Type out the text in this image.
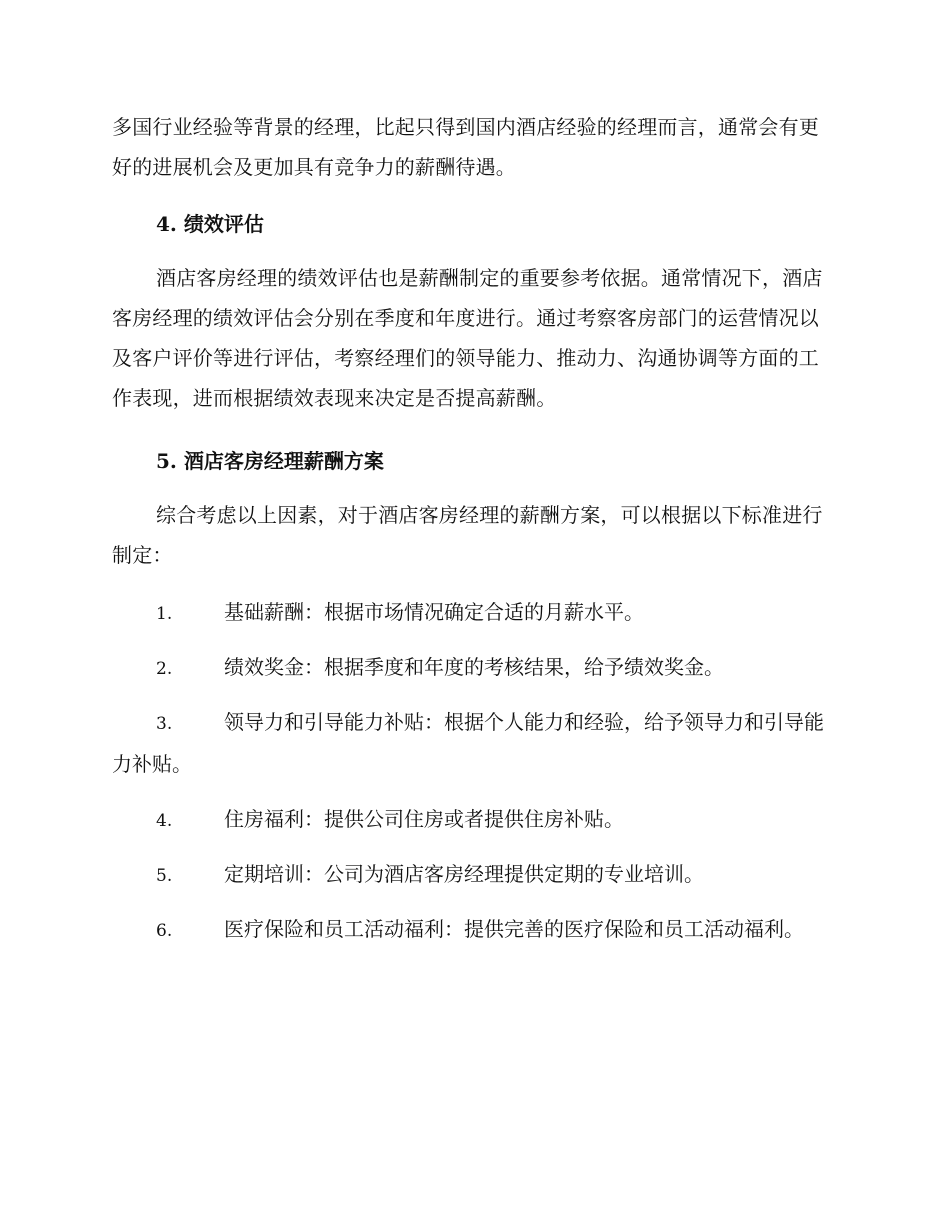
多国行业经验等背景的经理，比起只得到国内酒店经验的经理而言，通常会有更好的进展机会及更加具有竞争力的薪酬待遇。

4. 绩效评估

酒店客房经理的绩效评估也是薪酬制定的重要参考依据。通常情况下，酒店客房经理的绩效评估会分别在季度和年度进行。通过考察客房部门的运营情况以及客户评价等进行评估，考察经理们的领导能力、推动力、沟通协调等方面的工作表现，进而根据绩效表现来决定是否提高薪酬。

5. 酒店客房经理薪酬方案

综合考虑以上因素，对于酒店客房经理的薪酬方案，可以根据以下标准进行制定：

1.	基础薪酬：根据市场情况确定合适的月薪水平。

2.	绩效奖金：根据季度和年度的考核结果，给予绩效奖金。

3.	领导力和引导能力补贴：根据个人能力和经验，给予领导力和引导能力补贴。

4.	住房福利：提供公司住房或者提供住房补贴。

5.	定期培训：公司为酒店客房经理提供定期的专业培训。

6.	医疗保险和员工活动福利：提供完善的医疗保险和员工活动福利。
